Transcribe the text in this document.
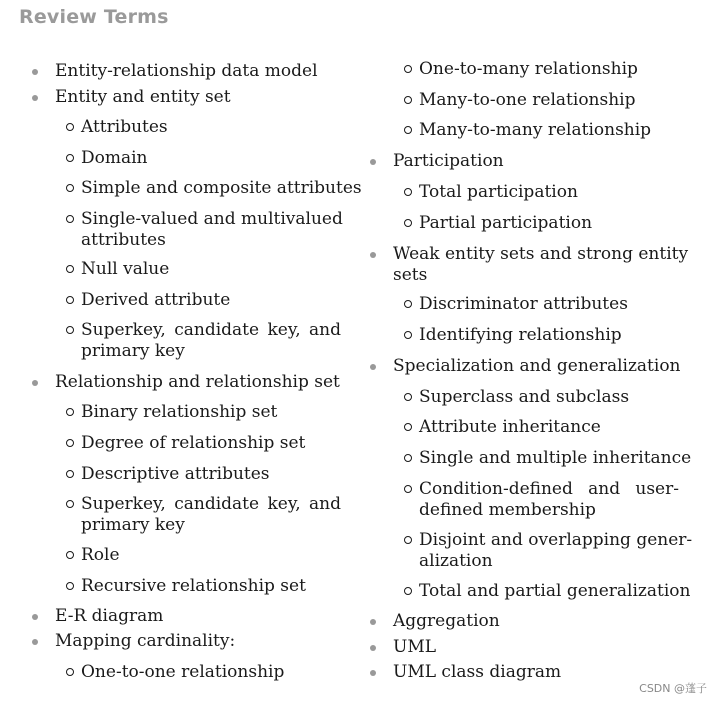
Review Terms
Entity-relationship data model
Entity and entity set
Attributes
Domain
Simple and composite attributes
Single-valued and multivalued
attributes
Null value
Derived attribute
Superkey, candidate key, and
primary key
Relationship and relationship set
Binary relationship set
Degree of relationship set
Descriptive attributes
Superkey, candidate key, and
primary key
Role
Recursive relationship set
E-R diagram
Mapping cardinality:
One-to-one relationship
One-to-many relationship
Many-to-one relationship
Many-to-many relationship
Participation
Total participation
Partial participation
Weak entity sets and strong entity
sets
Discriminator attributes
Identifying relationship
Specialization and generalization
Superclass and subclass
Attribute inheritance
Single and multiple inheritance
Condition-defined and user-
defined membership
Disjoint and overlapping gener-
alization
Total and partial generalization
Aggregation
UML
UML class diagram
CSDN @蓬子
